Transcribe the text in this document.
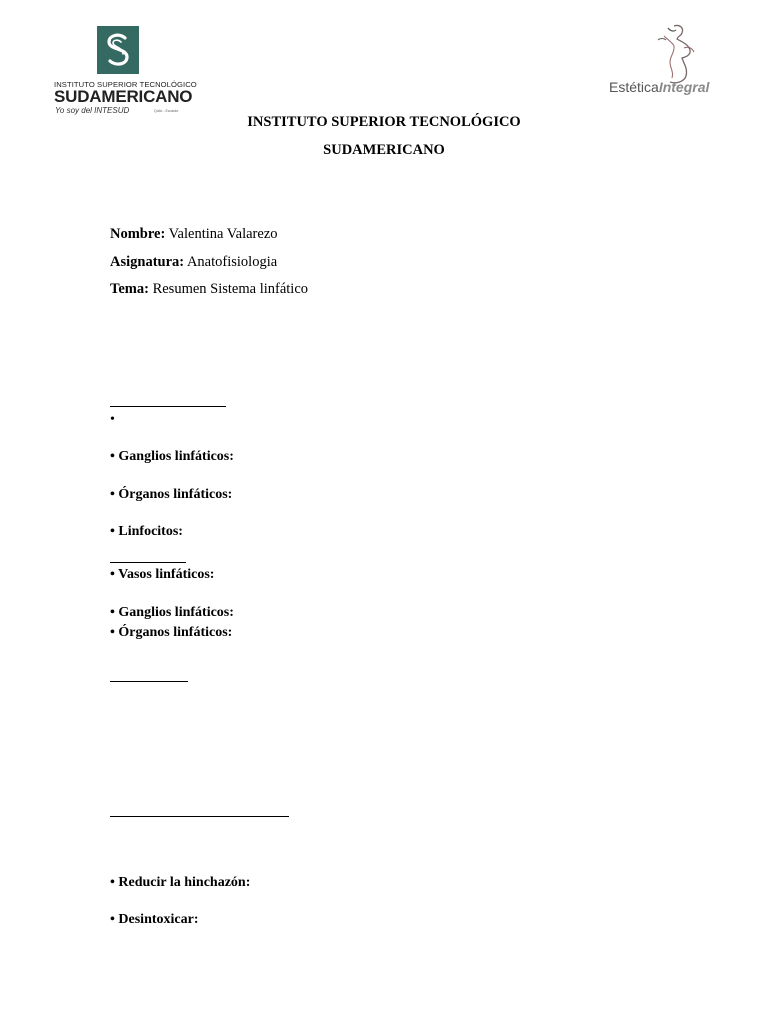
INSTITUTO SUPERIOR TECNOLÓGICO
SUDAMERICANO
Yo soy del INTESUD	Quito - Ecuador
EstéticaIntegral
INSTITUTO SUPERIOR TECNOLÓGICO
SUDAMERICANO
Nombre: Valentina Valarezo
Asignatura: Anatofisiologia
Tema: Resumen Sistema linfático
•
• Ganglios linfáticos:
• Órganos linfáticos:
• Linfocitos:
• Vasos linfáticos:
• Ganglios linfáticos:
• Órganos linfáticos:
• Reducir la hinchazón:
• Desintoxicar:
